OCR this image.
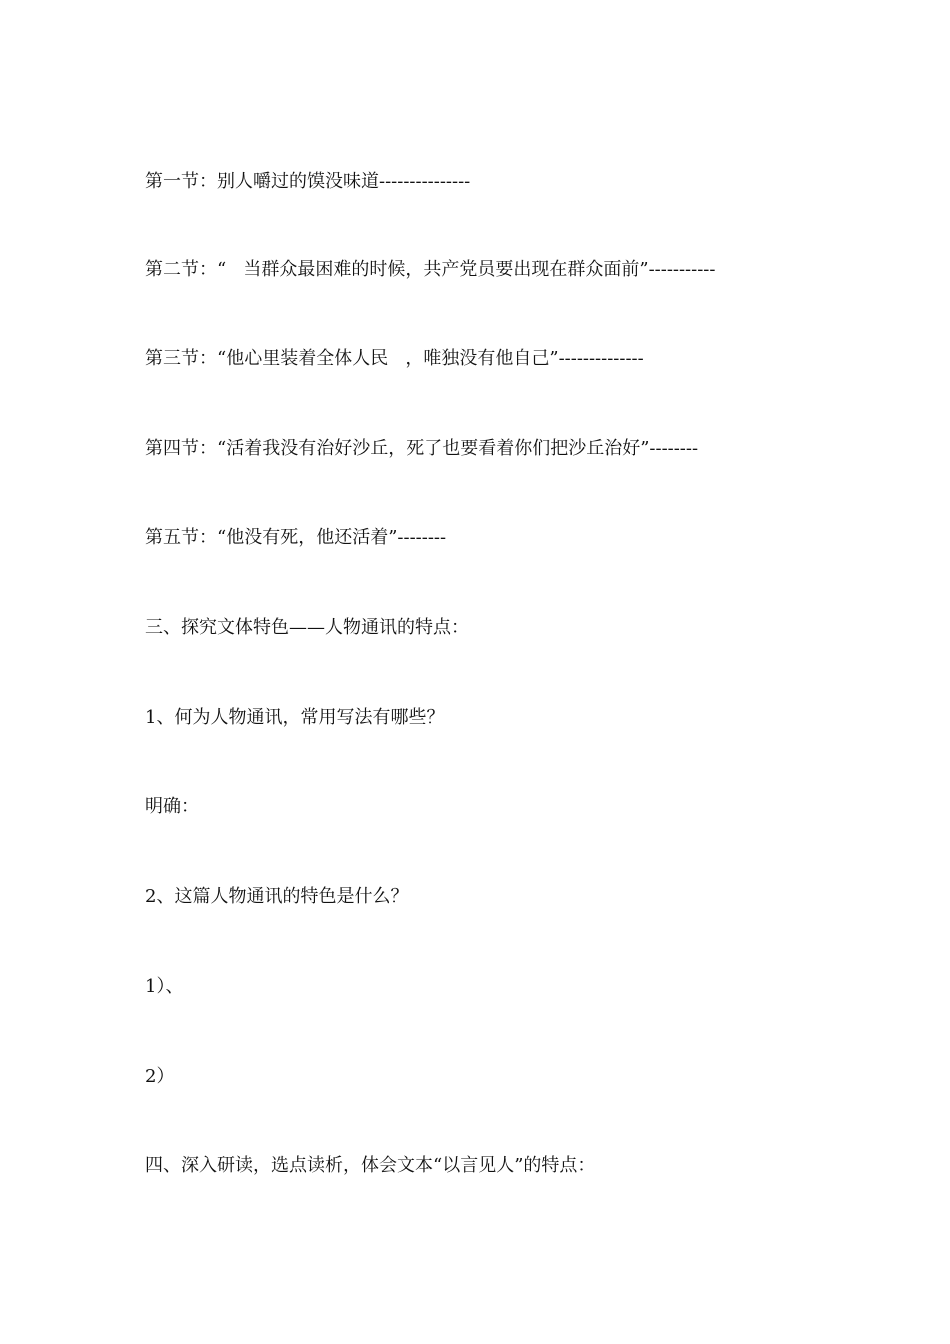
第一节：别人嚼过的馍没味道---------------
第二节：“   当群众最困难的时候，共产党员要出现在群众面前”-----------
第三节：“他心里装着全体人民   ，唯独没有他自己”--------------
第四节：“活着我没有治好沙丘，死了也要看着你们把沙丘治好”--------
第五节：“他没有死，他还活着”--------
三、探究文体特色——人物通讯的特点：
1、何为人物通讯，常用写法有哪些？
明确：
2、这篇人物通讯的特色是什么？
1）、
2）
四、深入研读，选点读析，体会文本“以言见人”的特点：
